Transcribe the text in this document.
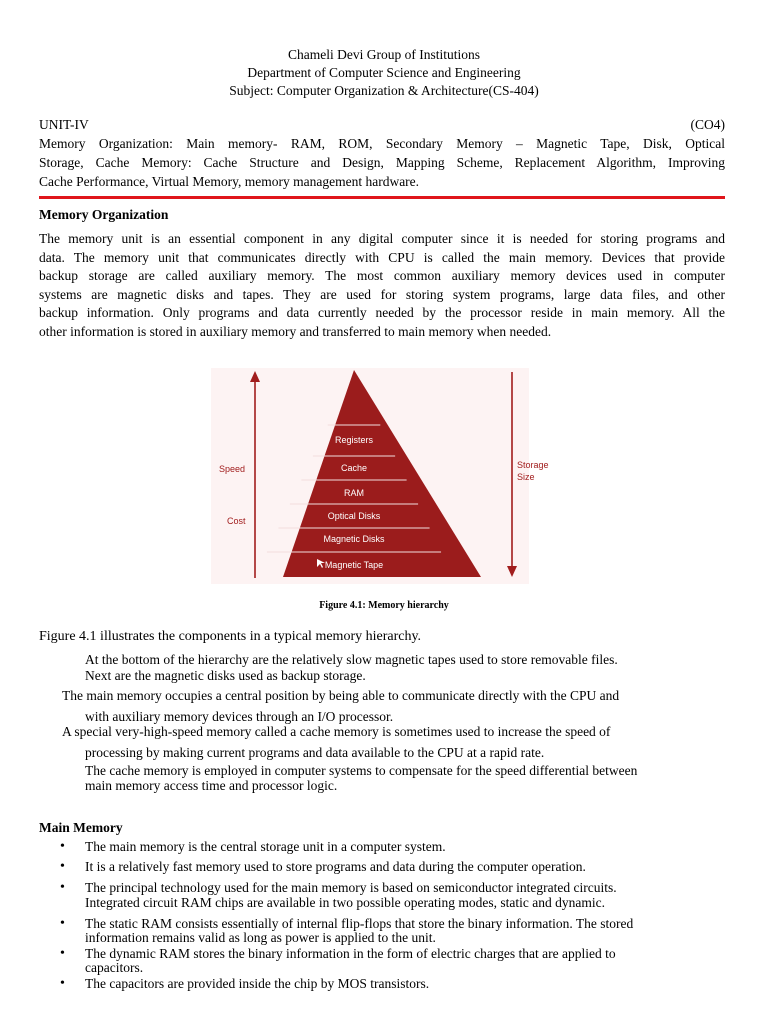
Chameli Devi Group of Institutions
Department of Computer Science and Engineering
Subject: Computer Organization & Architecture(CS-404)
UNIT-IV	(CO4)
Memory Organization: Main memory- RAM, ROM, Secondary Memory – Magnetic Tape, Disk, Optical
Storage, Cache Memory: Cache Structure and Design, Mapping Scheme, Replacement Algorithm, Improving
Cache Performance, Virtual Memory, memory management hardware.
Memory Organization
The memory unit is an essential component in any digital computer since it is needed for storing programs and
data. The memory unit that communicates directly with CPU is called the main memory. Devices that provide
backup storage are called auxiliary memory. The most common auxiliary memory devices used in computer
systems are magnetic disks and tapes. They are used for storing system programs, large data files, and other
backup information. Only programs and data currently needed by the processor reside in main memory. All the
other information is stored in auxiliary memory and transferred to main memory when needed.
Registers
Cache
RAM
Optical Disks
Magnetic Disks
Magnetic Tape
Speed
Cost
Storage
Size
Figure 4.1: Memory hierarchy
Figure 4.1 illustrates the components in a typical memory hierarchy.
At the bottom of the hierarchy are the relatively slow magnetic tapes used to store removable files.
Next are the magnetic disks used as backup storage.
The main memory occupies a central position by being able to communicate directly with the CPU and
with auxiliary memory devices through an I/O processor.
A special very-high-speed memory called a cache memory is sometimes used to increase the speed of
processing by making current programs and data available to the CPU at a rapid rate.
The cache memory is employed in computer systems to compensate for the speed differential between
main memory access time and processor logic.
Main Memory
• The main memory is the central storage unit in a computer system.
• It is a relatively fast memory used to store programs and data during the computer operation.
• The principal technology used for the main memory is based on semiconductor integrated circuits.
Integrated circuit RAM chips are available in two possible operating modes, static and dynamic.
• The static RAM consists essentially of internal flip-flops that store the binary information. The stored
information remains valid as long as power is applied to the unit.
• The dynamic RAM stores the binary information in the form of electric charges that are applied to
capacitors.
• The capacitors are provided inside the chip by MOS transistors.
